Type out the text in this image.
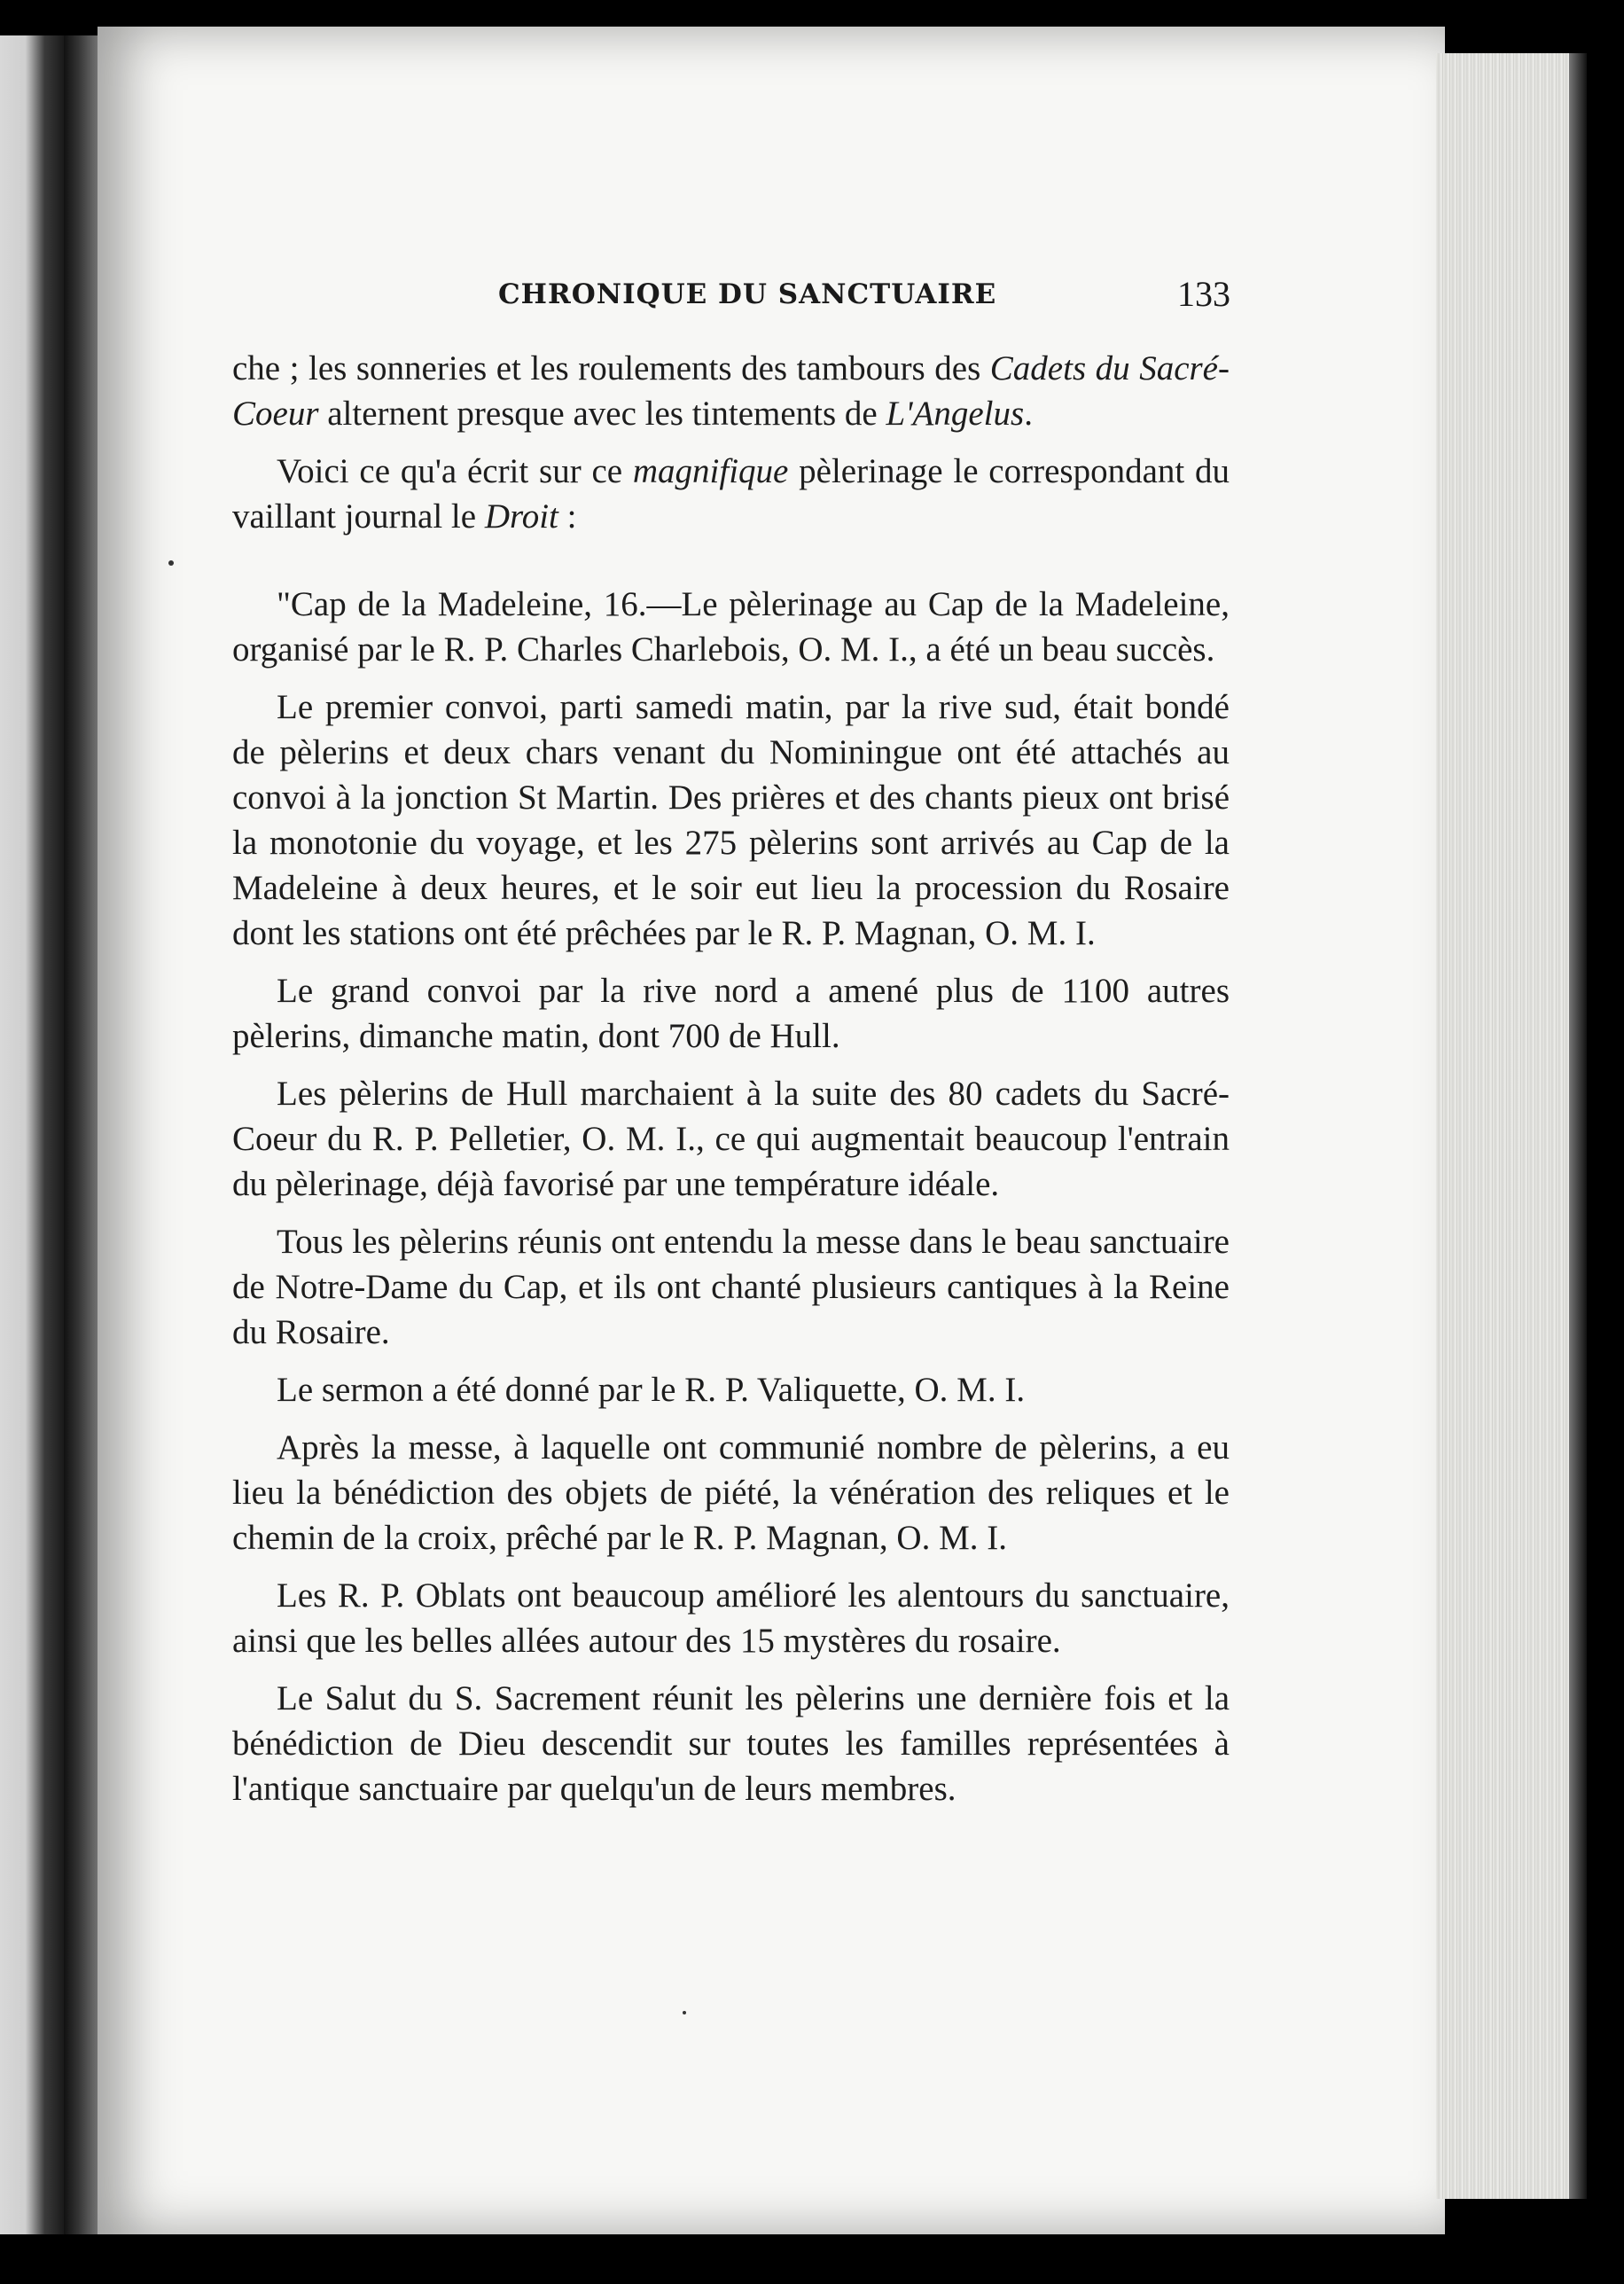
CHRONIQUE DU SANCTUAIRE	133

che ; les sonneries et les roulements des tambours des Cadets du Sacré-Coeur alternent presque avec les tintements de L'Angelus.

Voici ce qu'a écrit sur ce magnifique pèlerinage le correspondant du vaillant journal le Droit :

"Cap de la Madeleine, 16.—Le pèlerinage au Cap de la Madeleine, organisé par le R. P. Charles Charlebois, O. M. I., a été un beau succès.

Le premier convoi, parti samedi matin, par la rive sud, était bondé de pèlerins et deux chars venant du Nominingue ont été attachés au convoi à la jonction St Martin. Des prières et des chants pieux ont brisé la monotonie du voyage, et les 275 pèlerins sont arrivés au Cap de la Madeleine à deux heures, et le soir eut lieu la procession du Rosaire dont les stations ont été prêchées par le R. P. Magnan, O. M. I.

Le grand convoi par la rive nord a amené plus de 1100 autres pèlerins, dimanche matin, dont 700 de Hull.

Les pèlerins de Hull marchaient à la suite des 80 cadets du Sacré-Coeur du R. P. Pelletier, O. M. I., ce qui augmentait beaucoup l'entrain du pèlerinage, déjà favorisé par une température idéale.

Tous les pèlerins réunis ont entendu la messe dans le beau sanctuaire de Notre-Dame du Cap, et ils ont chanté plusieurs cantiques à la Reine du Rosaire.

Le sermon a été donné par le R. P. Valiquette, O. M. I.

Après la messe, à laquelle ont communié nombre de pèlerins, a eu lieu la bénédiction des objets de piété, la vénération des reliques et le chemin de la croix, prêché par le R. P. Magnan, O. M. I.

Les R. P. Oblats ont beaucoup amélioré les alentours du sanctuaire, ainsi que les belles allées autour des 15 mystères du rosaire.

Le Salut du S. Sacrement réunit les pèlerins une dernière fois et la bénédiction de Dieu descendit sur toutes les familles représentées à l'antique sanctuaire par quelqu'un de leurs membres.
